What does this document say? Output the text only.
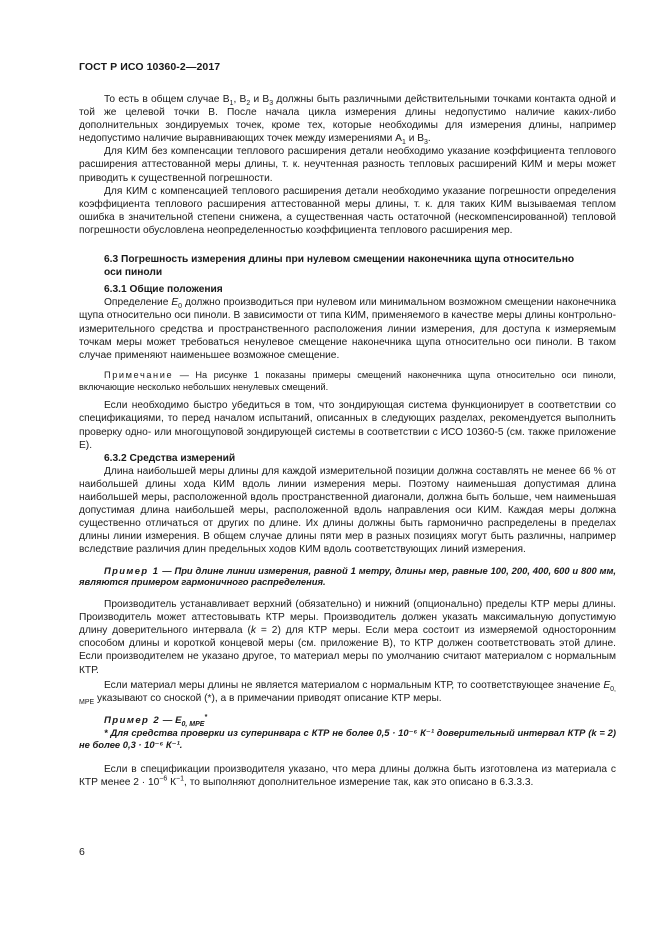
ГОСТ Р ИСО 10360-2—2017

То есть в общем случае $B_1$, $B_2$ и $B_3$ должны быть различными действительными точками контакта одной и той же целевой точки B. После начала цикла измерения длины недопустимо наличие каких-либо дополнительных зондируемых точек, кроме тех, которые необходимы для измерения длины, например недопустимо наличие выравнивающих точек между измерениями $A_1$ и $B_3$.

Для КИМ без компенсации теплового расширения детали необходимо указание коэффициента теплового расширения аттестованной меры длины, т. к. неучтенная разность тепловых расширений КИМ и меры может приводить к существенной погрешности.

Для КИМ с компенсацией теплового расширения детали необходимо указание погрешности определения коэффициента теплового расширения аттестованной меры длины, т. к. для таких КИМ вызываемая теплом ошибка в значительной степени снижена, а существенная часть остаточной (нескомпенсированной) тепловой погрешности обусловлена неопределенностью коэффициента теплового расширения мер.

6.3 Погрешность измерения длины при нулевом смещении наконечника щупа относительно
оси пиноли

6.3.1 Общие положения

Определение $E_0$ должно производиться при нулевом или минимальном возможном смещении наконечника щупа относительно оси пиноли. В зависимости от типа КИМ, применяемого в качестве меры длины контрольно-измерительного средства и пространственного расположения линии измерения, для доступа к измеряемым точкам меры может требоваться ненулевое смещение наконечника щупа относительно оси пиноли. В таком случае применяют наименьшее возможное смещение.

Примечание — На рисунке 1 показаны примеры смещений наконечника щупа относительно оси пиноли, включающие несколько небольших ненулевых смещений.

Если необходимо быстро убедиться в том, что зондирующая система функционирует в соответствии со спецификациями, то перед началом испытаний, описанных в следующих разделах, рекомендуется выполнить проверку одно- или многощуповой зондирующей системы в соответствии с ИСО 10360-5 (см. также приложение Е).

6.3.2 Средства измерений

Длина наибольшей меры длины для каждой измерительной позиции должна составлять не менее 66 % от наибольшей длины хода КИМ вдоль линии измерения меры. Поэтому наименьшая допустимая длина наибольшей меры, расположенной вдоль пространственной диагонали, должна быть больше, чем наименьшая допустимая длина наибольшей меры, расположенной вдоль направления оси КИМ. Каждая меры должна существенно отличаться от других по длине. Их длины должны быть гармонично распределены в пределах длины линии измерения. В общем случае длины пяти мер в разных позициях могут быть различны, например вследствие различия длин предельных ходов КИМ вдоль соответствующих линий измерения.

Пример 1 — При длине линии измерения, равной 1 метру, длины мер, равные 100, 200, 400, 600 и 800 мм, являются примером гармоничного распределения.

Производитель устанавливает верхний (обязательно) и нижний (опционально) пределы КТР меры длины. Производитель может аттестовывать КТР меры. Производитель должен указать максимальную допустимую длину доверительного интервала (k = 2) для КТР меры. Если мера состоит из измеряемой односторонним способом длины и короткой концевой меры (см. приложение В), то КТР должен соответствовать этой длине. Если производителем не указано другое, то материал меры по умолчанию считают материалом с нормальным КТР.

Если материал меры длины не является материалом с нормальным КТР, то соответствующее значение $E_{0, MPE}$ указывают со сноской (*), а в примечании приводят описание КТР меры.

Пример 2 — $E_{0, MPE}^*$

* Для средства проверки из суперинвара с КТР не более 0,5 · 10⁻⁶ К⁻¹ доверительный интервал КТР (k = 2) не более 0,3 · 10⁻⁶ К⁻¹.

Если в спецификации производителя указано, что мера длины должна быть изготовлена из материала с КТР менее $2 \cdot 10^{-6}$ $К^{-1}$, то выполняют дополнительное измерение так, как это описано в 6.3.3.3.

6
